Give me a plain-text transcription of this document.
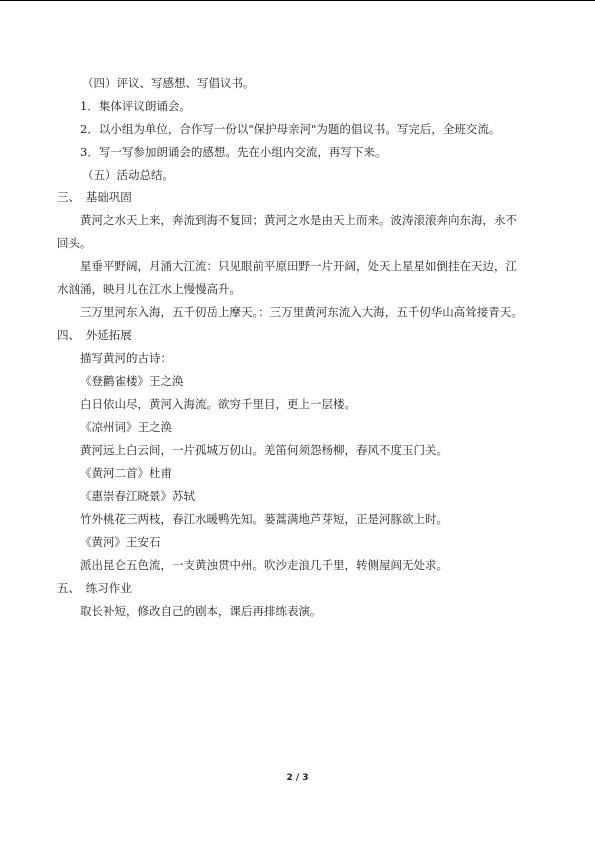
（四）评议、写感想、写倡议书。
1．集体评议朗诵会。
2．以小组为单位，合作写一份以"保护母亲河"为题的倡议书。写完后，全班交流。
3．写一写参加朗诵会的感想。先在小组内交流，再写下来。
（五）活动总结。
三、　基础巩固
黄河之水天上来，奔流到海不复回；黄河之水是由天上而来。波涛滚滚奔向东海，永不
回头。
星垂平野阔，月涌大江流：只见眼前平原田野一片开阔，处天上星星如倒挂在天边，江
水汹涌，映月儿在江水上慢慢高升。
三万里河东入海，五千仞岳上摩天。：三万里黄河东流入大海，五千仞华山高耸接青天。
四、　外延拓展
描写黄河的古诗：
《登鹳雀楼》王之涣
白日依山尽，黄河入海流。欲穷千里目，更上一层楼。
《凉州词》王之涣
黄河远上白云间，一片孤城万仞山。羌笛何须怨杨柳，春风不度玉门关。
《黄河二首》杜甫
《惠崇春江晓景》苏轼
竹外桃花三两枝，春江水暖鸭先知。蒌蒿满地芦芽短，正是河豚欲上时。
《黄河》王安石
派出昆仑五色流，一支黄浊贯中州。吹沙走浪几千里，转侧屋闾无处求。
五、　练习作业
取长补短，修改自己的剧本，课后再排练表演。
2 / 3
